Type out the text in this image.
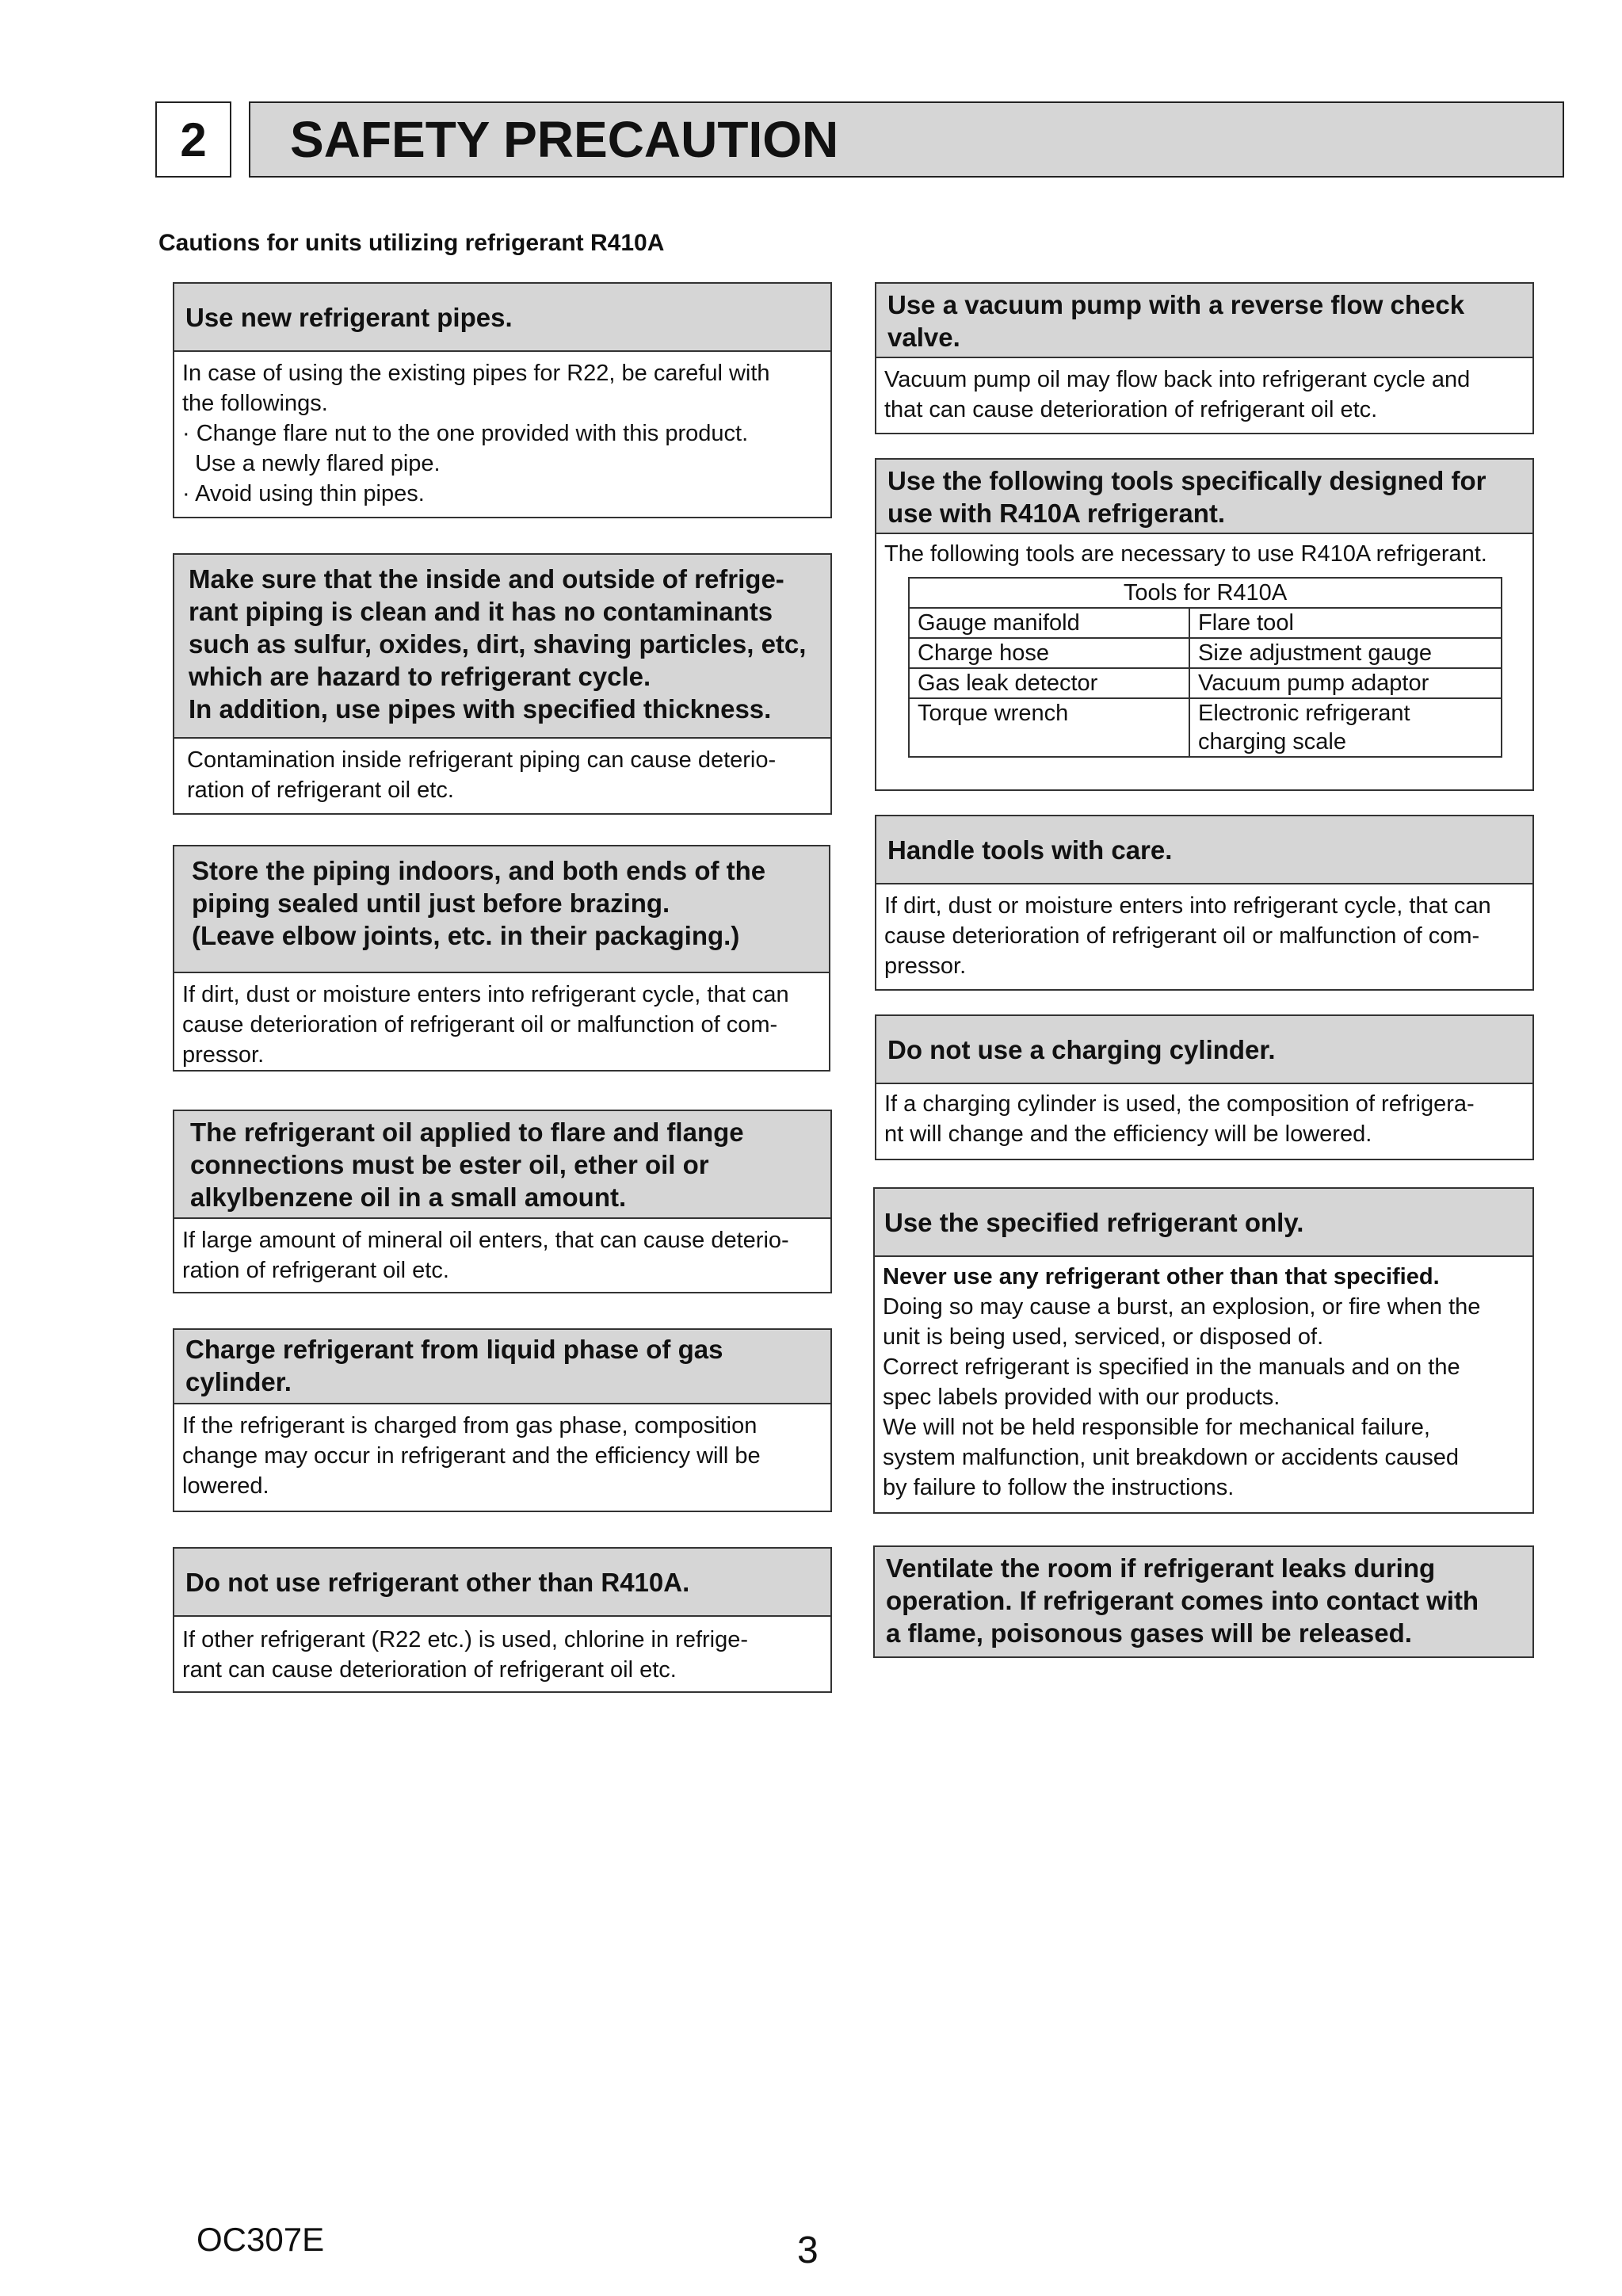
2	SAFETY PRECAUTION
Cautions for units utilizing refrigerant R410A
Use new refrigerant pipes.
In case of using the existing pipes for R22, be careful with
the followings.
· Change flare nut to the one provided with this product.
Use a newly flared pipe.
· Avoid using thin pipes.
Make sure that the inside and outside of refrige-
rant piping is clean and it has no contaminants
such as sulfur, oxides, dirt, shaving particles, etc,
which are hazard to refrigerant cycle.
In addition, use pipes with specified thickness.
Contamination inside refrigerant piping can cause deterio-
ration of refrigerant oil etc.
Store the piping indoors, and both ends of the
piping sealed until just before brazing.
(Leave elbow joints, etc. in their packaging.)
If dirt, dust or moisture enters into refrigerant cycle, that can
cause deterioration of refrigerant oil or malfunction of com-
pressor.
The refrigerant oil applied to flare and flange
connections must be ester oil, ether oil or
alkylbenzene oil in a small amount.
If large amount of mineral oil enters, that can cause deterio-
ration of refrigerant oil etc.
Charge refrigerant from liquid phase of gas
cylinder.
If the refrigerant is charged from gas phase, composition
change may occur in refrigerant and the efficiency will be
lowered.
Do not use refrigerant other than R410A.
If other refrigerant (R22 etc.) is used, chlorine in refrige-
rant can cause deterioration of refrigerant oil etc.
Use a vacuum pump with a reverse flow check
valve.
Vacuum pump oil may flow back into refrigerant cycle and
that can cause deterioration of refrigerant oil etc.
Use the following tools specifically designed for
use with R410A refrigerant.
The following tools are necessary to use R410A refrigerant.
Tools for R410A	
Gauge manifold	Flare tool
Charge hose	Size adjustment gauge
Gas leak detector	Vacuum pump adaptor
Torque wrench	Electronic refrigerant
charging scale
Handle tools with care.
If dirt, dust or moisture enters into refrigerant cycle, that can
cause deterioration of refrigerant oil or malfunction of com-
pressor.
Do not use a charging cylinder.
If a charging cylinder is used, the composition of refrigera-
nt will change and the efficiency will be lowered.
Use the specified refrigerant only.
Never use any refrigerant other than that specified.
Doing so may cause a burst, an explosion, or fire when the
unit is being used, serviced, or disposed of.
Correct refrigerant is specified in the manuals and on the
spec labels provided with our products.
We will not be held responsible for mechanical failure,
system malfunction, unit breakdown or accidents caused
by failure to follow the instructions.
Ventilate the room if refrigerant leaks during
operation. If refrigerant comes into contact with
a flame, poisonous gases will be released.
OC307E	3
